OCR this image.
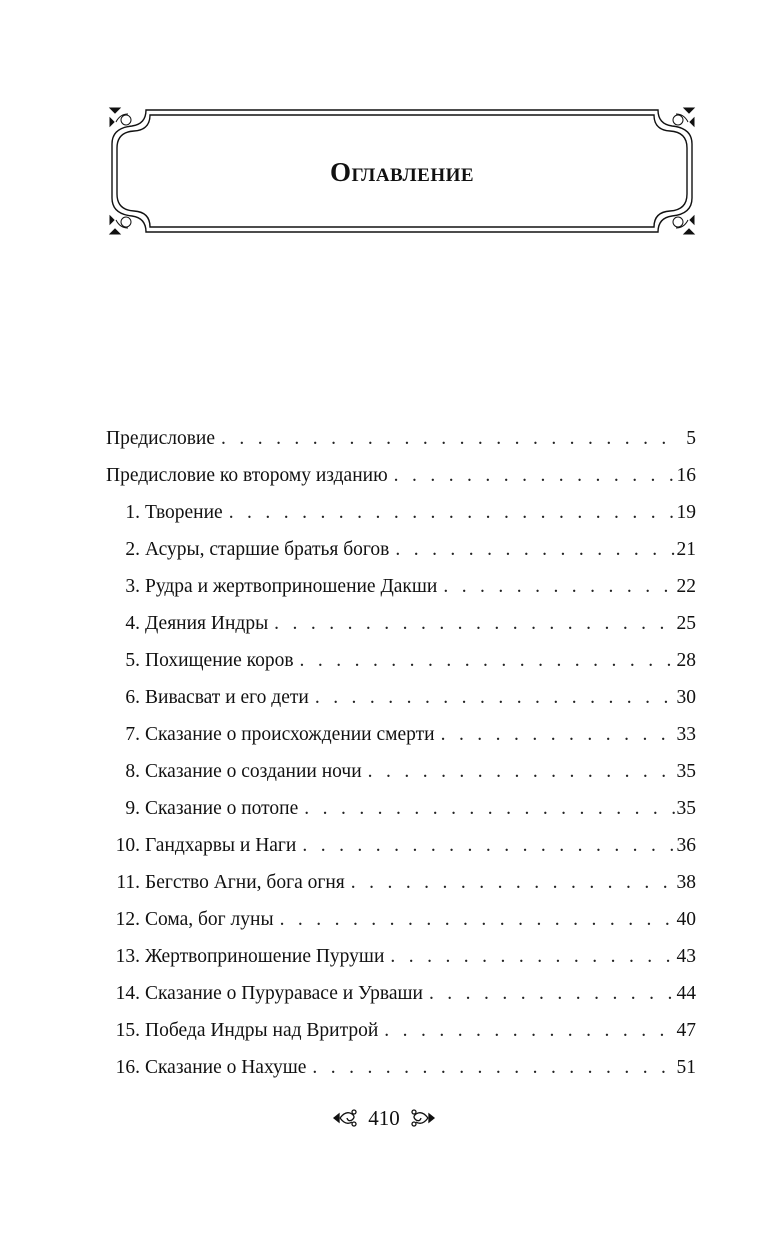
Оглавление
Предисловие . . .	5
Предисловие ко второму изданию . . .	16
1. Творение . . .	19
2. Асуры, старшие братья богов . . .	21
3. Рудра и жертвоприношение Дакши . . .	22
4. Деяния Индры . . .	25
5. Похищение коров . . .	28
6. Вивасват и его дети . . .	30
7. Сказание о происхождении смерти . . .	33
8. Сказание о создании ночи . . .	35
9. Сказание о потопе . . .	35
10. Гандхарвы и Наги . . .	36
11. Бегство Агни, бога огня . . .	38
12. Сома, бог луны . . .	40
13. Жертвоприношение Пуруши . . .	43
14. Сказание о Пуруравасе и Урваши . . .	44
15. Победа Индры над Вритрой . . .	47
16. Сказание о Нахуше . . .	51
410
